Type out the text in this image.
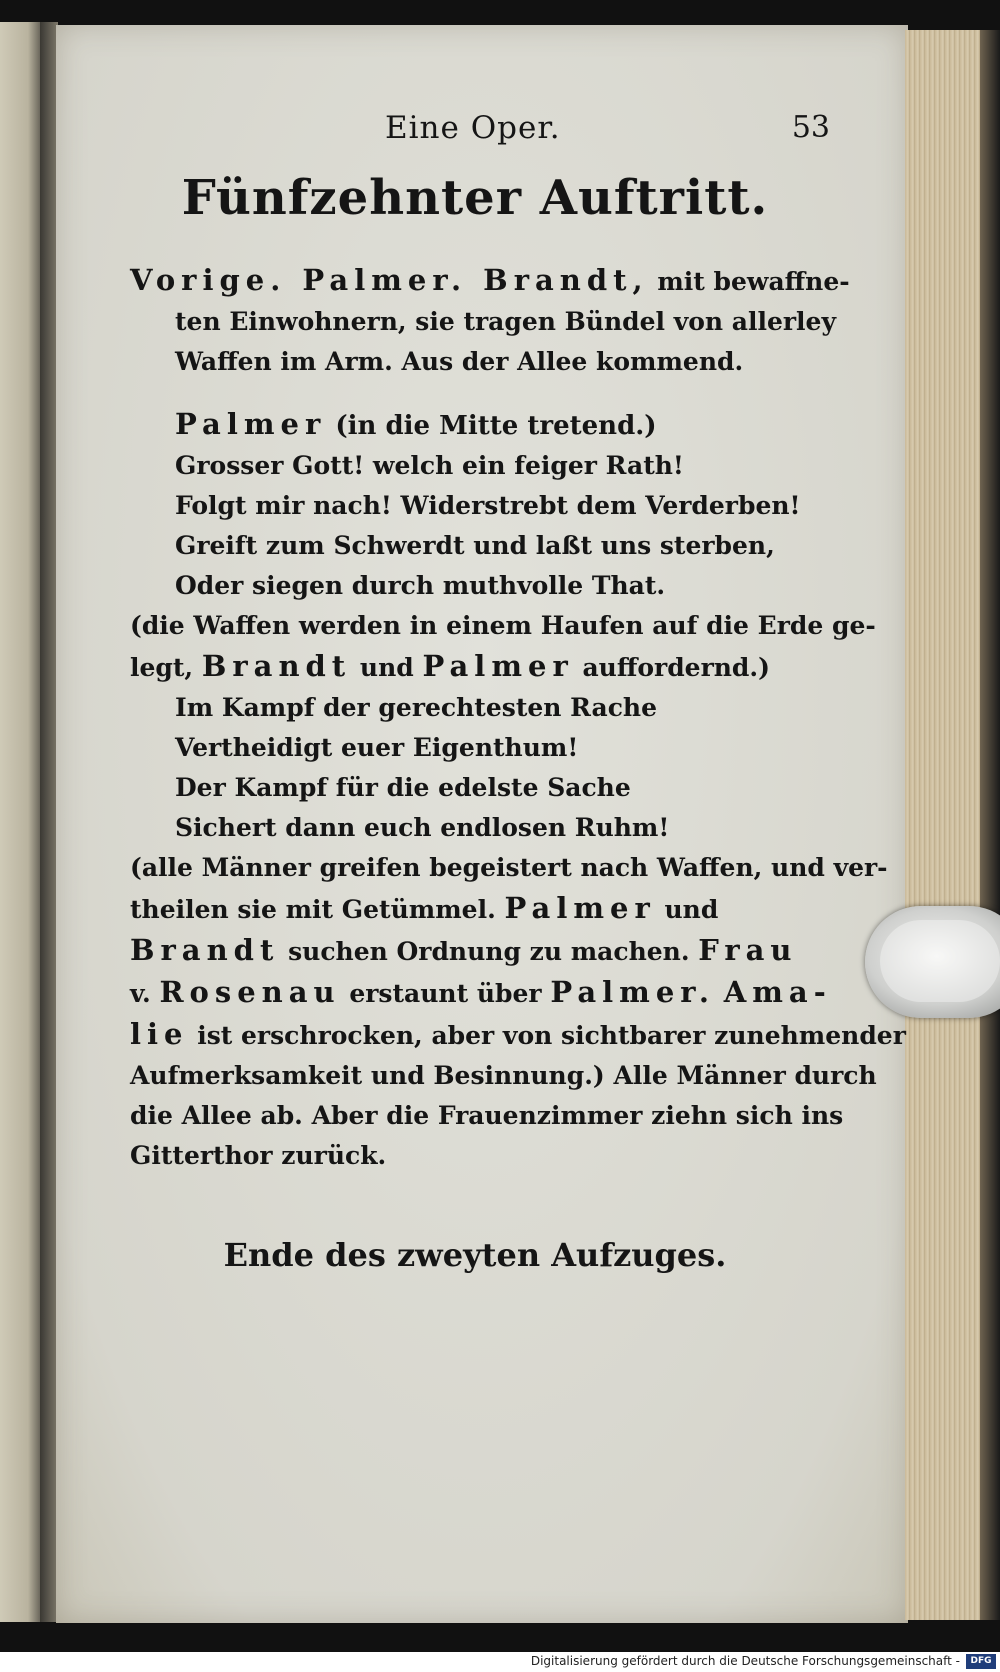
Eine Oper.	53
Fünfzehnter Auftritt.
Vorige. Palmer. Brandt, mit bewaffne-
ten Einwohnern, sie tragen Bündel von allerley
Waffen im Arm. Aus der Allee kommend.
Palmer (in die Mitte tretend.)
Grosser Gott! welch ein feiger Rath!
Folgt mir nach! Widerstrebt dem Verderben!
Greift zum Schwerdt und laßt uns sterben,
Oder siegen durch muthvolle That.
(die Waffen werden in einem Haufen auf die Erde ge-
legt, Brandt und Palmer auffordernd.)
Im Kampf der gerechtesten Rache
Vertheidigt euer Eigenthum!
Der Kampf für die edelste Sache
Sichert dann euch endlosen Ruhm!
(alle Männer greifen begeistert nach Waffen, und ver-
theilen sie mit Getümmel. Palmer und
Brandt suchen Ordnung zu machen. Frau
v. Rosenau erstaunt über Palmer. Ama-
lie ist erschrocken, aber von sichtbarer zunehmender
Aufmerksamkeit und Besinnung.) Alle Männer durch
die Allee ab. Aber die Frauenzimmer ziehn sich ins
Gitterthor zurück.
Ende des zweyten Aufzuges.
Digitalisierung gefördert durch die Deutsche Forschungsgemeinschaft -	DFG
